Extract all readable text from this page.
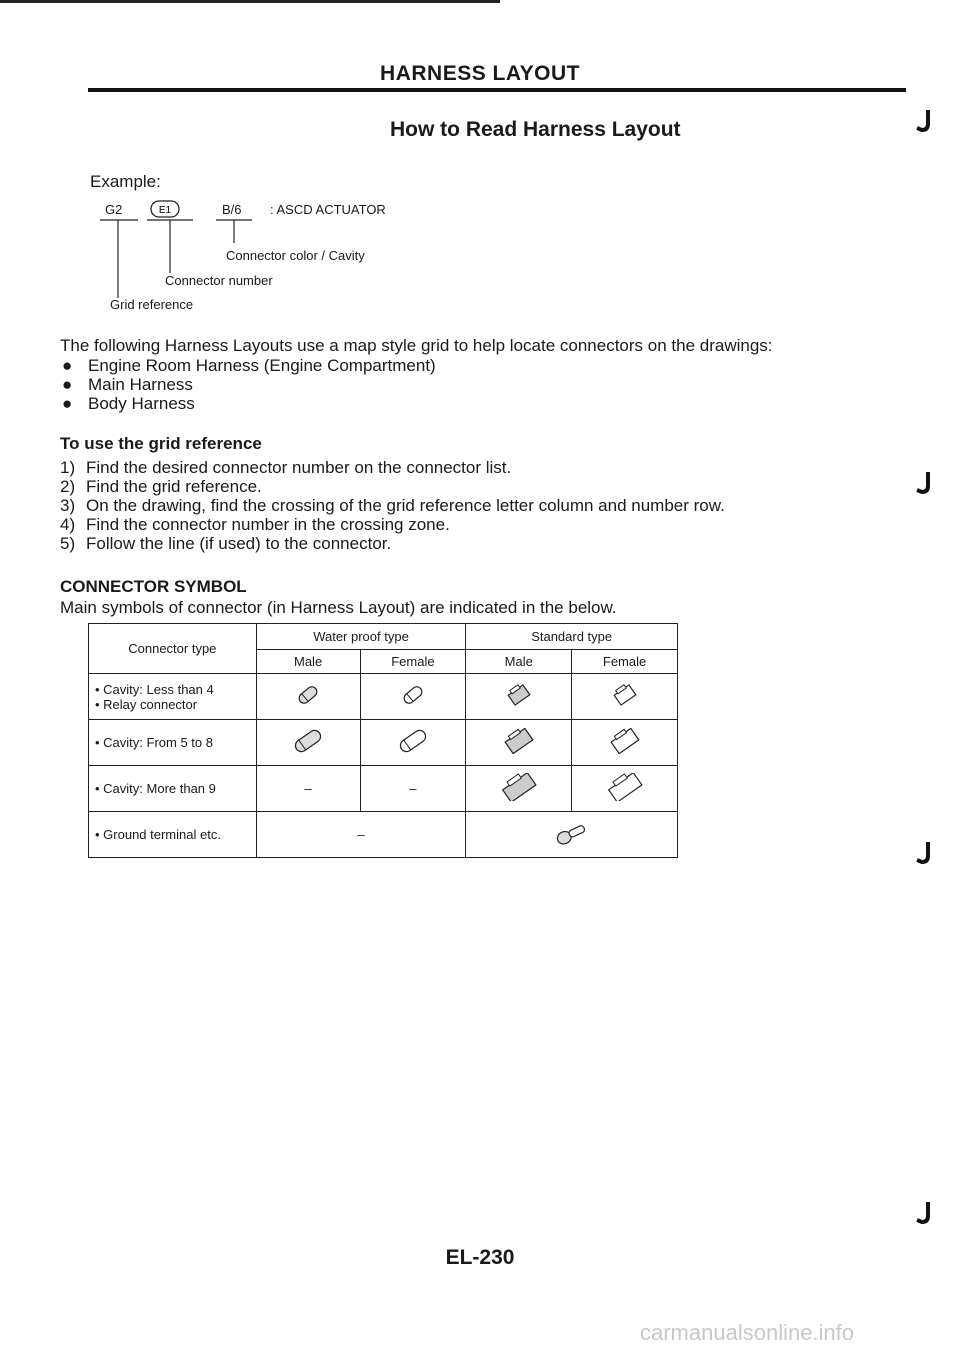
HARNESS LAYOUT
How to Read Harness Layout
Example:
G2	E1	B/6 : ASCD ACTUATOR
Connector color / Cavity
Connector number
Grid reference
The following Harness Layouts use a map style grid to help locate connectors on the drawings:
● Engine Room Harness (Engine Compartment)
● Main Harness
● Body Harness
To use the grid reference
1) Find the desired connector number on the connector list.
2) Find the grid reference.
3) On the drawing, find the crossing of the grid reference letter column and number row.
4) Find the connector number in the crossing zone.
5) Follow the line (if used) to the connector.
CONNECTOR SYMBOL
Main symbols of connector (in Harness Layout) are indicated in the below.
Connector type	Water proof type		Standard type	
	Male	Female	Male	Female

• Cavity: Less than 4
• Relay connector

• Cavity: From 5 to 8				
• Cavity: More than 9	–	–		
• Ground terminal etc.	–	
EL-230
carmanualsonline.info
